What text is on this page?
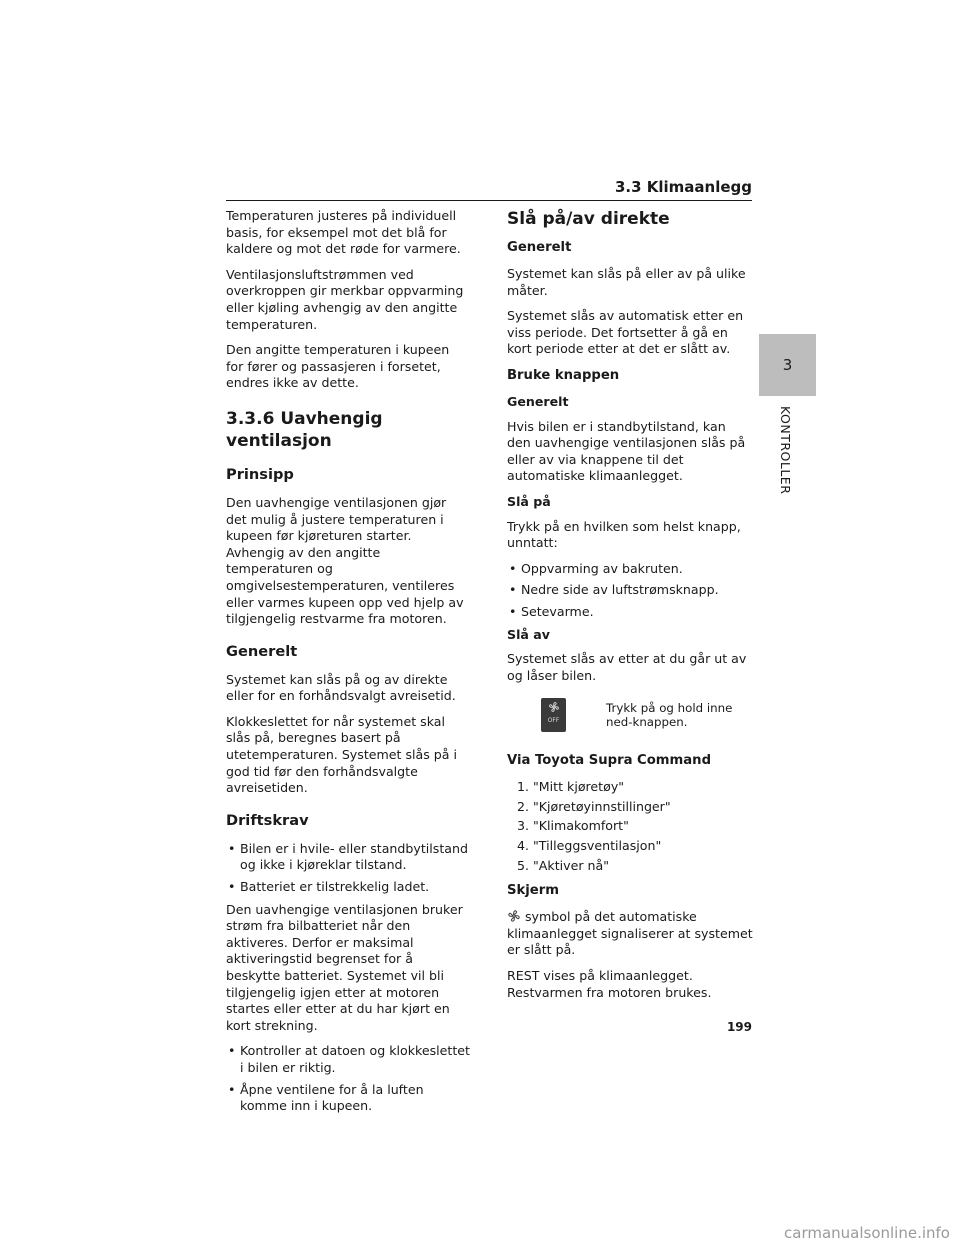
3.3 Klimaanlegg

Temperaturen justeres på individuell basis, for eksempel mot det blå for kaldere og mot det røde for varmere.

Ventilasjonsluftstrømmen ved overkroppen gir merkbar oppvarming eller kjøling avhengig av den angitte temperaturen.

Den angitte temperaturen i kupeen for fører og passasjeren i forsetet, endres ikke av dette.

3.3.6 Uavhengig ventilasjon
Prinsipp

Den uavhengige ventilasjonen gjør det mulig å justere temperaturen i kupeen før kjøreturen starter. Avhengig av den angitte temperaturen og omgivelsestemperaturen, ventileres eller varmes kupeen opp ved hjelp av tilgjengelig restvarme fra motoren.

Generelt

Systemet kan slås på og av direkte eller for en forhåndsvalgt avreisetid.

Klokkeslettet for når systemet skal slås på, beregnes basert på utetemperaturen. Systemet slås på i god tid før den forhåndsvalgte avreisetiden.

Driftskrav
• Bilen er i hvile- eller standbytilstand og ikke i kjøreklar tilstand.
• Batteriet er tilstrekkelig ladet.

Den uavhengige ventilasjonen bruker strøm fra bilbatteriet når den aktiveres. Derfor er maksimal aktiveringstid begrenset for å beskytte batteriet. Systemet vil bli tilgjengelig igjen etter at motoren startes eller etter at du har kjørt en kort strekning.

• Kontroller at datoen og klokkeslettet i bilen er riktig.
• Åpne ventilene for å la luften komme inn i kupeen.
Slå på/av direkte
Generelt

Systemet kan slås på eller av på ulike måter.

Systemet slås av automatisk etter en viss periode. Det fortsetter å gå en kort periode etter at det er slått av.

Bruke knappen
Generelt

Hvis bilen er i standbytilstand, kan den uavhengige ventilasjonen slås på eller av via knappene til det automatiske klimaanlegget.

Slå på

Trykk på en hvilken som helst knapp, unntatt:

• Oppvarming av bakruten.
• Nedre side av luftstrømsknapp.
• Setevarme.
Slå av

Systemet slås av etter at du går ut av og låser bilen.

OFF
Trykk på og hold inne ned-knappen.
Via Toyota Supra Command
1. "Mitt kjøretøy"
2. "Kjøretøyinnstillinger"
3. "Klimakomfort"
4. "Tilleggsventilasjon"
5. "Aktiver nå"
Skjerm

symbol på det automatiske klimaanlegget signaliserer at systemet er slått på.

REST vises på klimaanlegget. Restvarmen fra motoren brukes.

3
KONTROLLER
199
carmanualsonline.info
